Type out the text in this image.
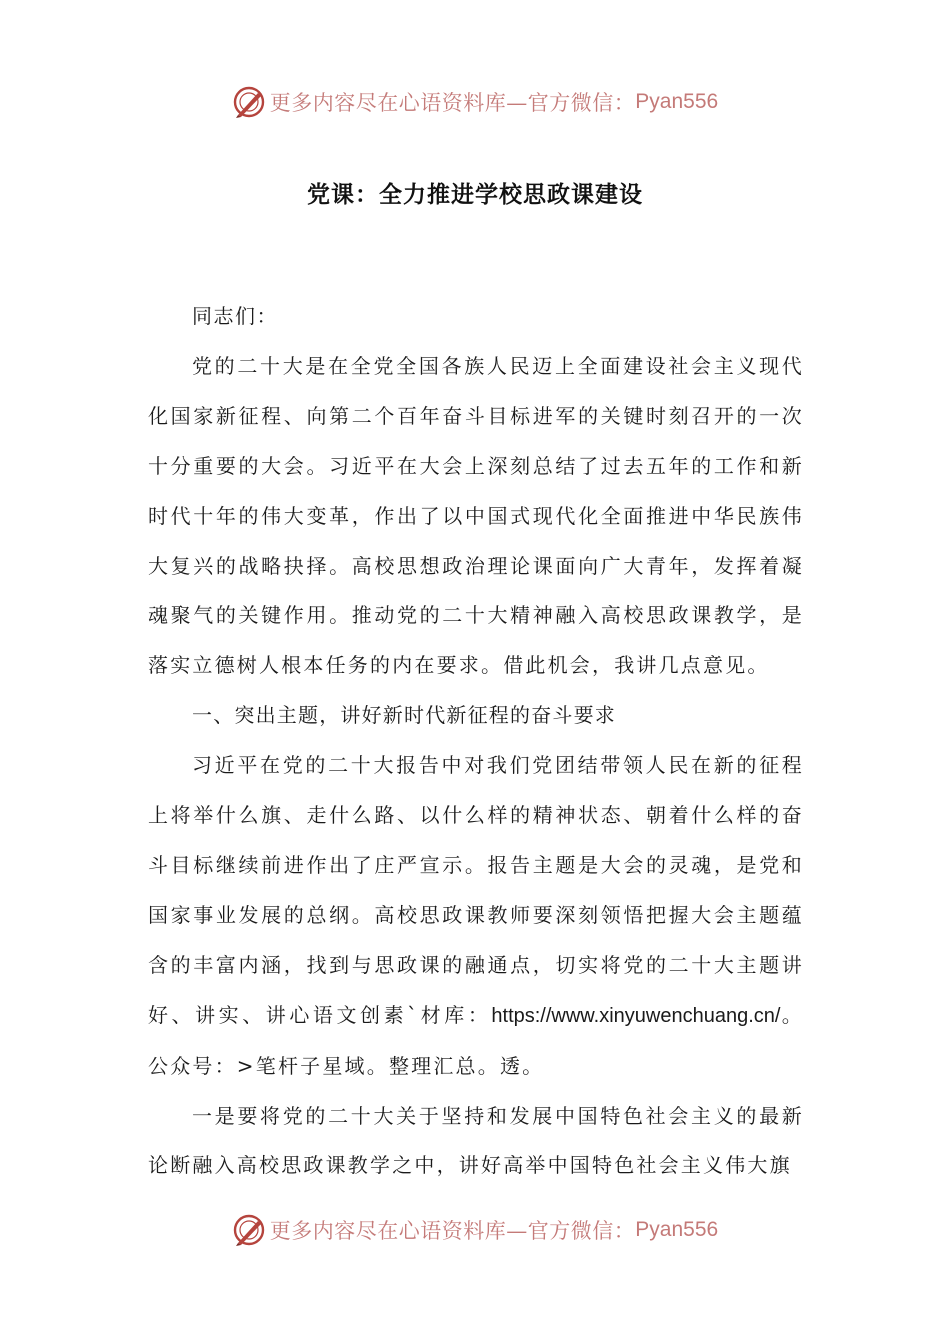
更多内容尽在心语资料库—官方微信： Pyan556
党课：全力推进学校思政课建设

同志们：

党的二十大是在全党全国各族人民迈上全面建设社会主义现代化国家新征程、向第二个百年奋斗目标进军的关键时刻召开的一次十分重要的大会。习近平在大会上深刻总结了过去五年的工作和新时代十年的伟大变革，作出了以中国式现代化全面推进中华民族伟大复兴的战略抉择。高校思想政治理论课面向广大青年，发挥着凝魂聚气的关键作用。推动党的二十大精神融入高校思政课教学，是落实立德树人根本任务的内在要求。借此机会，我讲几点意见。

一、突出主题，讲好新时代新征程的奋斗要求

习近平在党的二十大报告中对我们党团结带领人民在新的征程上将举什么旗、走什么路、以什么样的精神状态、朝着什么样的奋斗目标继续前进作出了庄严宣示。报告主题是大会的灵魂，是党和国家事业发展的总纲。高校思政课教师要深刻领悟把握大会主题蕴含的丰富内涵，找到与思政课的融通点，切实将党的二十大主题讲好、讲实、讲心语文创素`材库：https://www.xinyuwenchuang.cn/。公众号：>笔杆子星域。整理汇总。透。

一是要将党的二十大关于坚持和发展中国特色社会主义的最新论断融入高校思政课教学之中，讲好高举中国特色社会主义伟大旗

更多内容尽在心语资料库—官方微信： Pyan556
